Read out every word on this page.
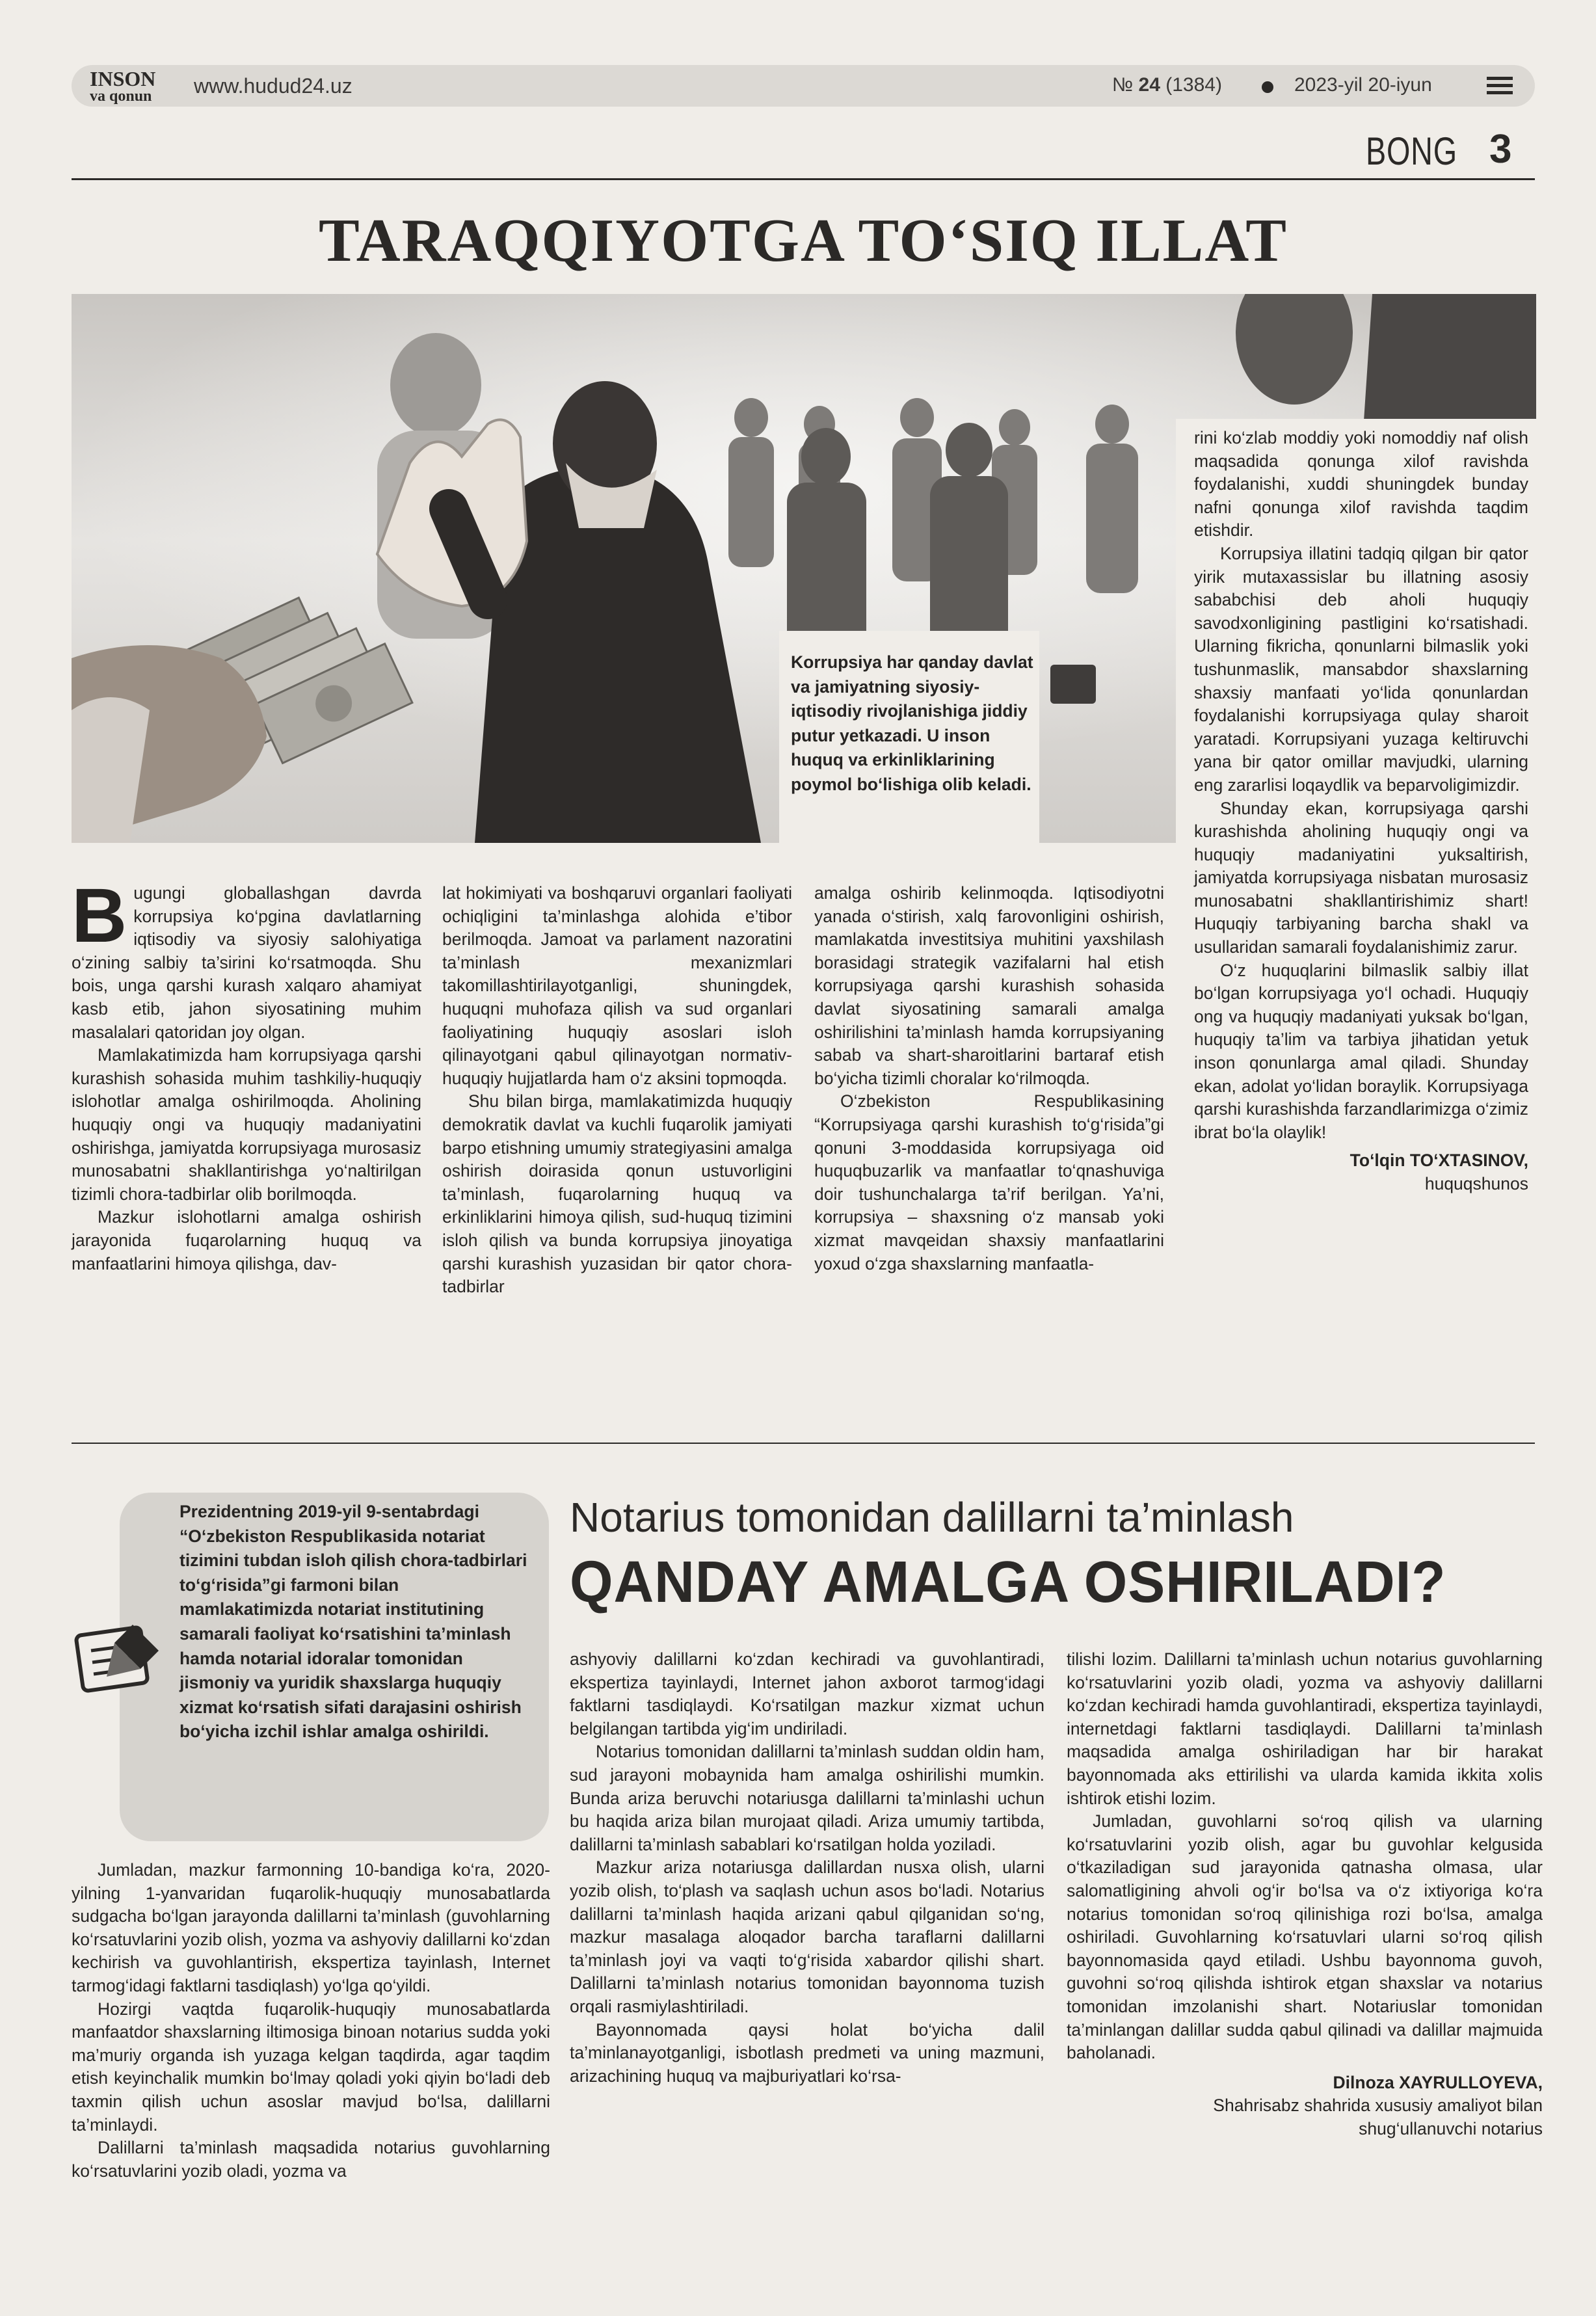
INSON
va qonun www.hudud24.uz	№ 24 (1384)	2023-yil 20-iyun
BONG 3
TARAQQIYOTGA TO‘SIQ ILLAT
Korrupsiya har qanday davlat va jamiyatning siyosiy-iqtisodiy rivojlanishiga jiddiy putur yetkazadi. U inson huquq va erkinliklarining poymol bo‘lishiga olib keladi.

Bugungi globallashgan davrda korrupsiya ko‘pgina davlatlarning iqtisodiy va siyosiy salohiyatiga o‘zining salbiy ta’sirini ko‘rsatmoqda. Shu bois, unga qarshi kurash xalqaro ahamiyat kasb etib, jahon siyosatining muhim masalalari qatoridan joy olgan.

Mamlakatimizda ham korrupsiyaga qarshi kurashish sohasida muhim tashkiliy-huquqiy islohotlar amalga oshirilmoqda. Aholining huquqiy ongi va huquqiy madaniyatini oshirishga, jamiyatda korrupsiyaga murosasiz munosabatni shakllantirishga yo‘naltirilgan tizimli chora-tadbirlar olib borilmoqda.

Mazkur islohotlarni amalga oshirish jarayonida fuqarolarning huquq va manfaatlarini himoya qilishga, dav-

lat hokimiyati va boshqaruvi organlari faoliyati ochiqligini ta’minlashga alohida e’tibor berilmoqda. Jamoat va parlament nazoratini ta’minlash mexanizmlari takomillashtirilayotganligi, shuningdek, huquqni muhofaza qilish va sud organlari faoliyatining huquqiy asoslari isloh qilinayotgani qabul qilinayotgan normativ-huquqiy hujjatlarda ham o‘z aksini topmoqda.

Shu bilan birga, mamlakatimizda huquqiy demokratik davlat va kuchli fuqarolik jamiyati barpo etishning umumiy strategiyasini amalga oshirish doirasida qonun ustuvorligini ta’minlash, fuqarolarning huquq va erkinliklarini himoya qilish, sud-huquq tizimini isloh qilish va bunda korrupsiya jinoyatiga qarshi kurashish yuzasidan bir qator chora-tadbirlar

amalga oshirib kelinmoqda. Iqtisodiyotni yanada o‘stirish, xalq farovonligini oshirish, mamlakatda investitsiya muhitini yaxshilash borasidagi strategik vazifalarni hal etish korrupsiyaga qarshi kurashish sohasida davlat siyosatining samarali amalga oshirilishini ta’minlash hamda korrupsiyaning sabab va shart-sharoitlarini bartaraf etish bo‘yicha tizimli choralar ko‘rilmoqda.

O‘zbekiston Respublikasining “Korrupsiyaga qarshi kurashish to‘g‘risida”gi qonuni 3-moddasida korrupsiyaga oid huquqbuzarlik va manfaatlar to‘qnashuviga doir tushunchalarga ta’rif berilgan. Ya’ni, korrupsiya – shaxsning o‘z mansab yoki xizmat mavqeidan shaxsiy manfaatlarini yoxud o‘zga shaxslarning manfaatla-

rini ko‘zlab moddiy yoki nomoddiy naf olish maqsadida qonunga xilof ravishda foydalanishi, xuddi shuningdek bunday nafni qonunga xilof ravishda taqdim etishdir.

Korrupsiya illatini tadqiq qilgan bir qator yirik mutaxassislar bu illatning asosiy sababchisi deb aholi huquqiy savodxonligining pastligini ko‘rsatishadi. Ularning fikricha, qonunlarni bilmaslik yoki tushunmaslik, mansabdor shaxslarning shaxsiy manfaati yo‘lida qonunlardan foydalanishi korrupsiyaga qulay sharoit yaratadi. Korrupsiyani yuzaga keltiruvchi yana bir qator omillar mavjudki, ularning eng zararlisi loqaydlik va beparvoligimizdir.

Shunday ekan, korrupsiyaga qarshi kurashishda aholining huquqiy ongi va huquqiy madaniyatini yuksaltirish, jamiyatda korrupsiyaga nisbatan murosasiz munosabatni shakllantirishimiz shart! Huquqiy tarbiyaning barcha shakl va usullaridan samarali foydalanishimiz zarur.

O‘z huquqlarini bilmaslik salbiy illat bo‘lgan korrupsiyaga yo‘l ochadi. Huquqiy ong va huquqiy madaniyati yuksak bo‘lgan, huquqiy ta’lim va tarbiya jihatidan yetuk inson qonunlarga amal qiladi. Shunday ekan, adolat yo‘lidan boraylik. Korrupsiyaga qarshi kurashishda farzandlarimizga o‘zimiz ibrat bo‘la olaylik!

To‘lqin TO‘XTASINOV,

huquqshunos

Prezidentning 2019-yil 9-sentabrdagi “O‘zbekiston Respublikasida notariat tizimini tubdan isloh qilish chora-tadbirlari to‘g‘risida”gi farmoni bilan mamlakatimizda notariat institutining samarali faoliyat ko‘rsatishini ta’minlash hamda notarial idoralar tomonidan jismoniy va yuridik shaxslarga huquqiy xizmat ko‘rsatish sifati darajasini oshirish bo‘yicha izchil ishlar amalga oshirildi.
Notarius tomonidan dalillarni ta’minlash
QANDAY AMALGA OSHIRILADI?

Jumladan, mazkur farmonning 10-bandiga ko‘ra, 2020-yilning 1-yanvaridan fuqarolik-huquqiy munosabatlarda sudgacha bo‘lgan jarayonda dalillarni ta’minlash (guvohlarning ko‘rsatuvlarini yozib olish, yozma va ashyoviy dalillarni ko‘zdan kechirish va guvohlantirish, ekspertiza tayinlash, Internet tarmog‘idagi faktlarni tasdiqlash) yo‘lga qo‘yildi.

Hozirgi vaqtda fuqarolik-huquqiy munosabatlarda manfaatdor shaxslarning iltimosiga binoan notarius sudda yoki ma’muriy organda ish yuzaga kelgan taqdirda, agar taqdim etish keyinchalik mumkin bo‘lmay qoladi yoki qiyin bo‘ladi deb taxmin qilish uchun asoslar mavjud bo‘lsa, dalillarni ta’minlaydi.

Dalillarni ta’minlash maqsadida notarius guvohlarning ko‘rsatuvlarini yozib oladi, yozma va

ashyoviy dalillarni ko‘zdan kechiradi va guvohlantiradi, ekspertiza tayinlaydi, Internet jahon axborot tarmog‘idagi faktlarni tasdiqlaydi. Ko‘rsatilgan mazkur xizmat uchun belgilangan tartibda yig‘im undiriladi.

Notarius tomonidan dalillarni ta’minlash suddan oldin ham, sud jarayoni mobaynida ham amalga oshirilishi mumkin. Bunda ariza beruvchi notariusga dalillarni ta’minlashi uchun bu haqida ariza bilan murojaat qiladi. Ariza umumiy tartibda, dalillarni ta’minlash sabablari ko‘rsatilgan holda yoziladi.

Mazkur ariza notariusga dalillardan nusxa olish, ularni yozib olish, to‘plash va saqlash uchun asos bo‘ladi. Notarius dalillarni ta’minlash haqida arizani qabul qilganidan so‘ng, mazkur masalaga aloqador barcha taraflarni dalillarni ta’minlash joyi va vaqti to‘g‘risida xabardor qilishi shart. Dalillarni ta’minlash notarius tomonidan bayonnoma tuzish orqali rasmiylashtiriladi.

Bayonnomada qaysi holat bo‘yicha dalil ta’minlanayotganligi, isbotlash predmeti va uning mazmuni, arizachining huquq va majburiyatlari ko‘rsa-

tilishi lozim. Dalillarni ta’minlash uchun notarius guvohlarning ko‘rsatuvlarini yozib oladi, yozma va ashyoviy dalillarni ko‘zdan kechiradi hamda guvohlantiradi, ekspertiza tayinlaydi, internetdagi faktlarni tasdiqlaydi. Dalillarni ta’minlash maqsadida amalga oshiriladigan har bir harakat bayonnomada aks ettirilishi va ularda kamida ikkita xolis ishtirok etishi lozim.

Jumladan, guvohlarni so‘roq qilish va ularning ko‘rsatuvlarini yozib olish, agar bu guvohlar kelgusida o‘tkaziladigan sud jarayonida qatnasha olmasa, ular salomatligining ahvoli og‘ir bo‘lsa va o‘z ixtiyoriga ko‘ra notarius tomonidan so‘roq qilinishiga rozi bo‘lsa, amalga oshiriladi. Guvohlarning ko‘rsatuvlari ularni so‘roq qilish bayonnomasida qayd etiladi. Ushbu bayonnoma guvoh, guvohni so‘roq qilishda ishtirok etgan shaxslar va notarius tomonidan imzolanishi shart. Notariuslar tomonidan ta’minlangan dalillar sudda qabul qilinadi va dalillar majmuida baholanadi.

Dilnoza XAYRULLOYEVA,

Shahrisabz shahrida xususiy amaliyot bilan

shug‘ullanuvchi notarius
